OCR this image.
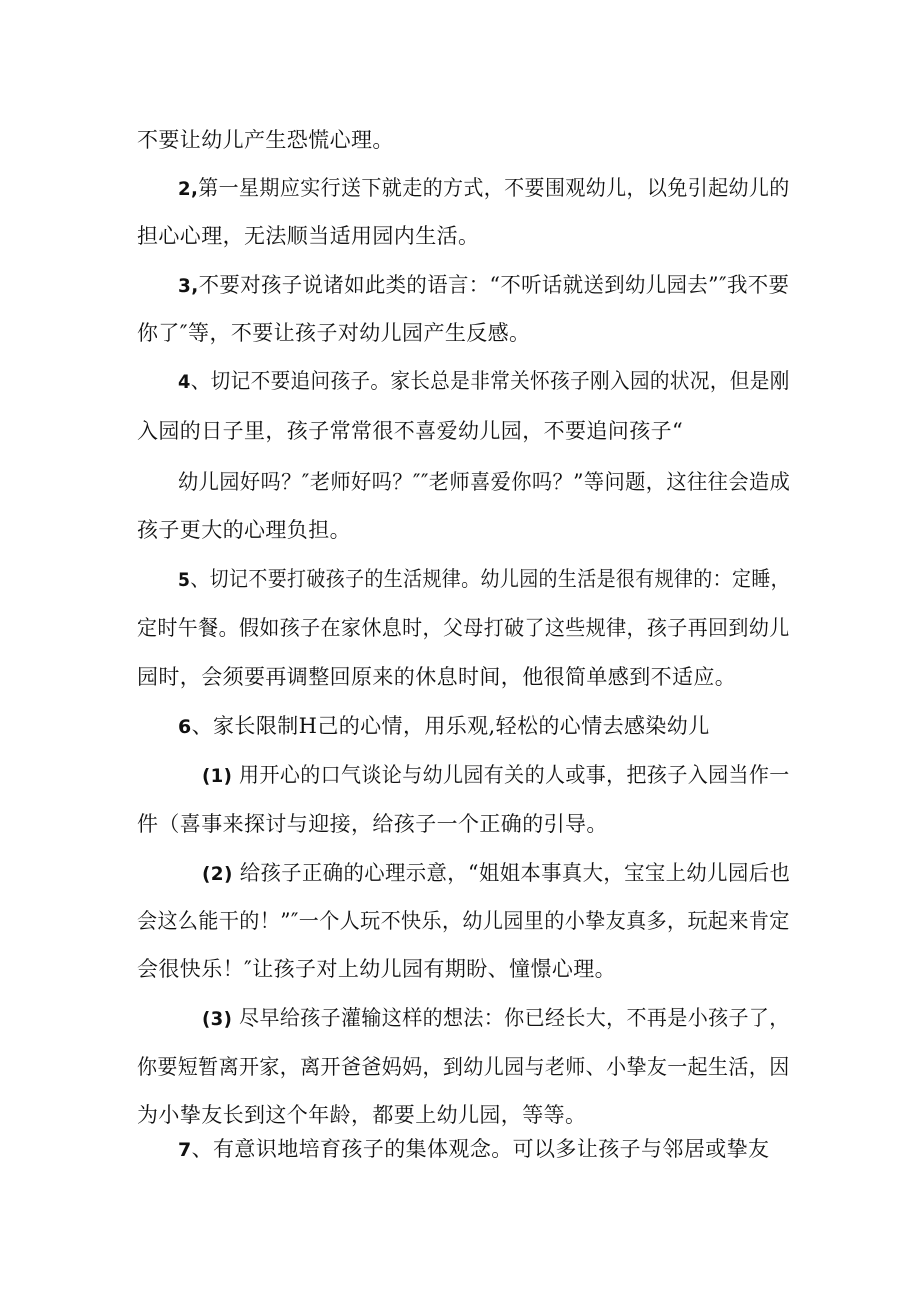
不要让幼儿产生恐慌心理。
2,第一星期应实行送下就走的方式，不要围观幼儿，以免引起幼儿的
担心心理，无法顺当适用园内生活。
3,不要对孩子说诸如此类的语言：“不听话就送到幼儿园去”″我不要
你了″等，不要让孩子对幼儿园产生反感。
4、切记不要追问孩子。家长总是非常关怀孩子刚入园的状况，但是刚
入园的日子里，孩子常常很不喜爱幼儿园，不要追问孩子“
幼儿园好吗？″老师好吗？″″老师喜爱你吗？”等问题，这往往会造成
孩子更大的心理负担。
5、切记不要打破孩子的生活规律。幼儿园的生活是很有规律的：定睡，
定时午餐。假如孩子在家休息时，父母打破了这些规律，孩子再回到幼儿
园时，会须要再调整回原来的休息时间，他很简单感到不适应。
6、家长限制H己的心情，用乐观,轻松的心情去感染幼儿
(1) 用开心的口气谈论与幼儿园有关的人或事，把孩子入园当作一
件（喜事来探讨与迎接，给孩子一个正确的引导。
(2) 给孩子正确的心理示意，“姐姐本事真大，宝宝上幼儿园后也
会这么能干的！”″一个人玩不快乐，幼儿园里的小挚友真多，玩起来肯定
会很快乐！″让孩子对上幼儿园有期盼、憧憬心理。
(3) 尽早给孩子灌输这样的想法：你已经长大，不再是小孩子了，
你要短暂离开家，离开爸爸妈妈，到幼儿园与老师、小挚友一起生活，因
为小挚友长到这个年龄，都要上幼儿园，等等。
7、有意识地培育孩子的集体观念。可以多让孩子与邻居或挚友
